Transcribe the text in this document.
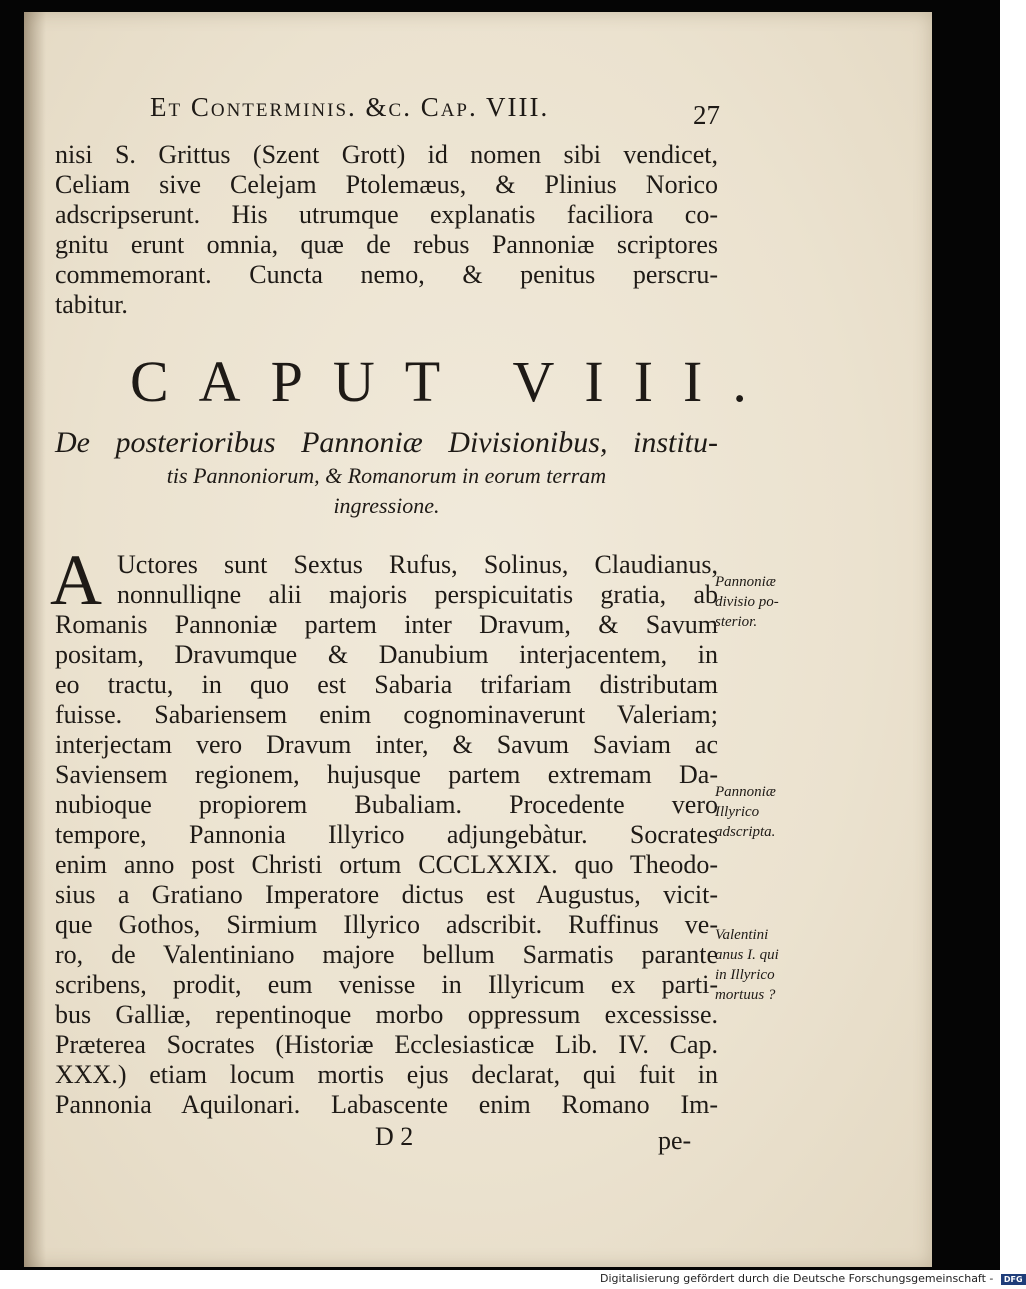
Et Conterminis. &c. Cap. VIII.	27
nisi S. Grittus (Szent Grott) id nomen sibi vendicet,
Celiam sive Celejam Ptolemæus, & Plinius Norico
adscripserunt. His utrumque explanatis faciliora co-
gnitu erunt omnia, quæ de rebus Pannoniæ scriptores
commemorant. Cuncta nemo, & penitus perscru-
tabitur.
CAPUT VIII.
De posterioribus Pannoniæ Divisionibus, institu-
tis Pannoniorum, & Romanorum in eorum terram
ingressione.
A Uctores sunt Sextus Rufus, Solinus, Claudianus,
nonnulliqne alii majoris perspicuitatis gratia, ab
Romanis Pannoniæ partem inter Dravum, & Savum
positam, Dravumque & Danubium interjacentem, in
eo tractu, in quo est Sabaria trifariam distributam
fuisse. Sabariensem enim cognominaverunt Valeriam;
interjectam vero Dravum inter, & Savum Saviam ac
Saviensem regionem, hujusque partem extremam Da-
nubioque propiorem Bubaliam. Procedente vero
tempore, Pannonia Illyrico adjungebàtur. Socrates
enim anno post Christi ortum CCCLXXIX. quo Theodo-
sius a Gratiano Imperatore dictus est Augustus, vicit-
que Gothos, Sirmium Illyrico adscribit. Ruffinus ve-
ro, de Valentiniano majore bellum Sarmatis parante
scribens, prodit, eum venisse in Illyricum ex parti-
bus Galliæ, repentinoque morbo oppressum excessisse.
Præterea Socrates (Historiæ Ecclesiasticæ Lib. IV. Cap.
XXX.) etiam locum mortis ejus declarat, qui fuit in
Pannonia Aquilonari. Labascente enim Romano Im-
Pannoniæ
divisio po-
sterior.
Pannoniæ
Illyrico
adscripta.
Valentini
anus I. qui
in Illyrico
mortuus ?
D 2	pe-
Digitalisierung gefördert durch die Deutsche Forschungsgemeinschaft - DFG
